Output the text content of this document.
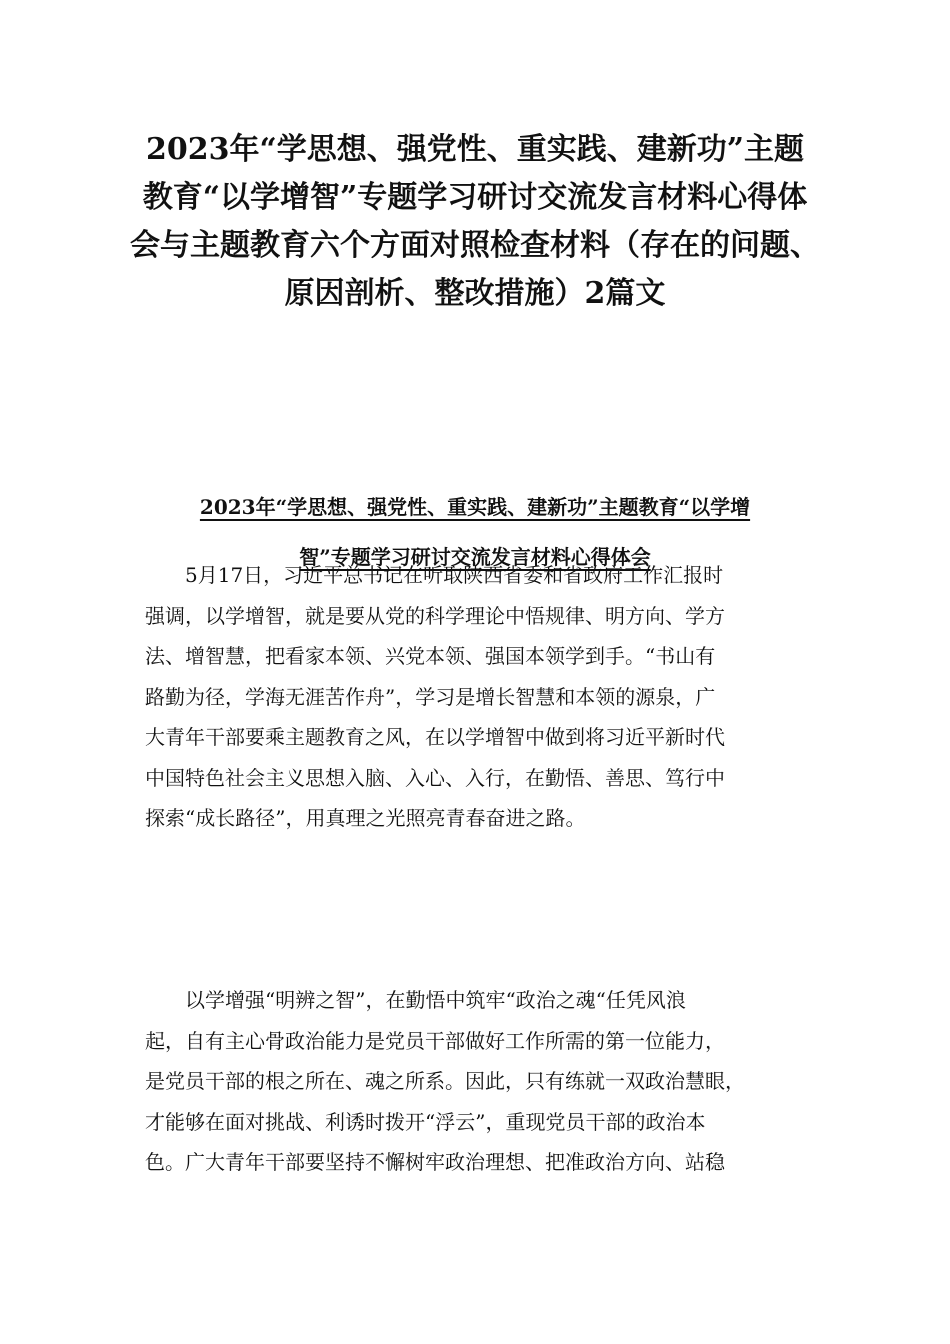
2023年“学思想、强党性、重实践、建新功”主题
教育“以学增智”专题学习研讨交流发言材料心得体
会与主题教育六个方面对照检查材料（存在的问题、
原因剖析、整改措施）2篇文
2023年“学思想、强党性、重实践、建新功”主题教育“以学增
智”专题学习研讨交流发言材料心得体会

　　5月17日，习近平总书记在听取陕西省委和省政府工作汇报时
强调，以学增智，就是要从党的科学理论中悟规律、明方向、学方
法、增智慧，把看家本领、兴党本领、强国本领学到手。“书山有
路勤为径，学海无涯苦作舟”，学习是增长智慧和本领的源泉，广
大青年干部要乘主题教育之风，在以学增智中做到将习近平新时代
中国特色社会主义思想入脑、入心、入行，在勤悟、善思、笃行中
探索“成长路径”，用真理之光照亮青春奋进之路。

　　以学增强“明辨之智”，在勤悟中筑牢“政治之魂“任凭风浪
起，自有主心骨政治能力是党员干部做好工作所需的第一位能力，
是党员干部的根之所在、魂之所系。因此，只有练就一双政治慧眼，
才能够在面对挑战、利诱时拨开“浮云”，重现党员干部的政治本
色。广大青年干部要坚持不懈树牢政治理想、把准政治方向、站稳
